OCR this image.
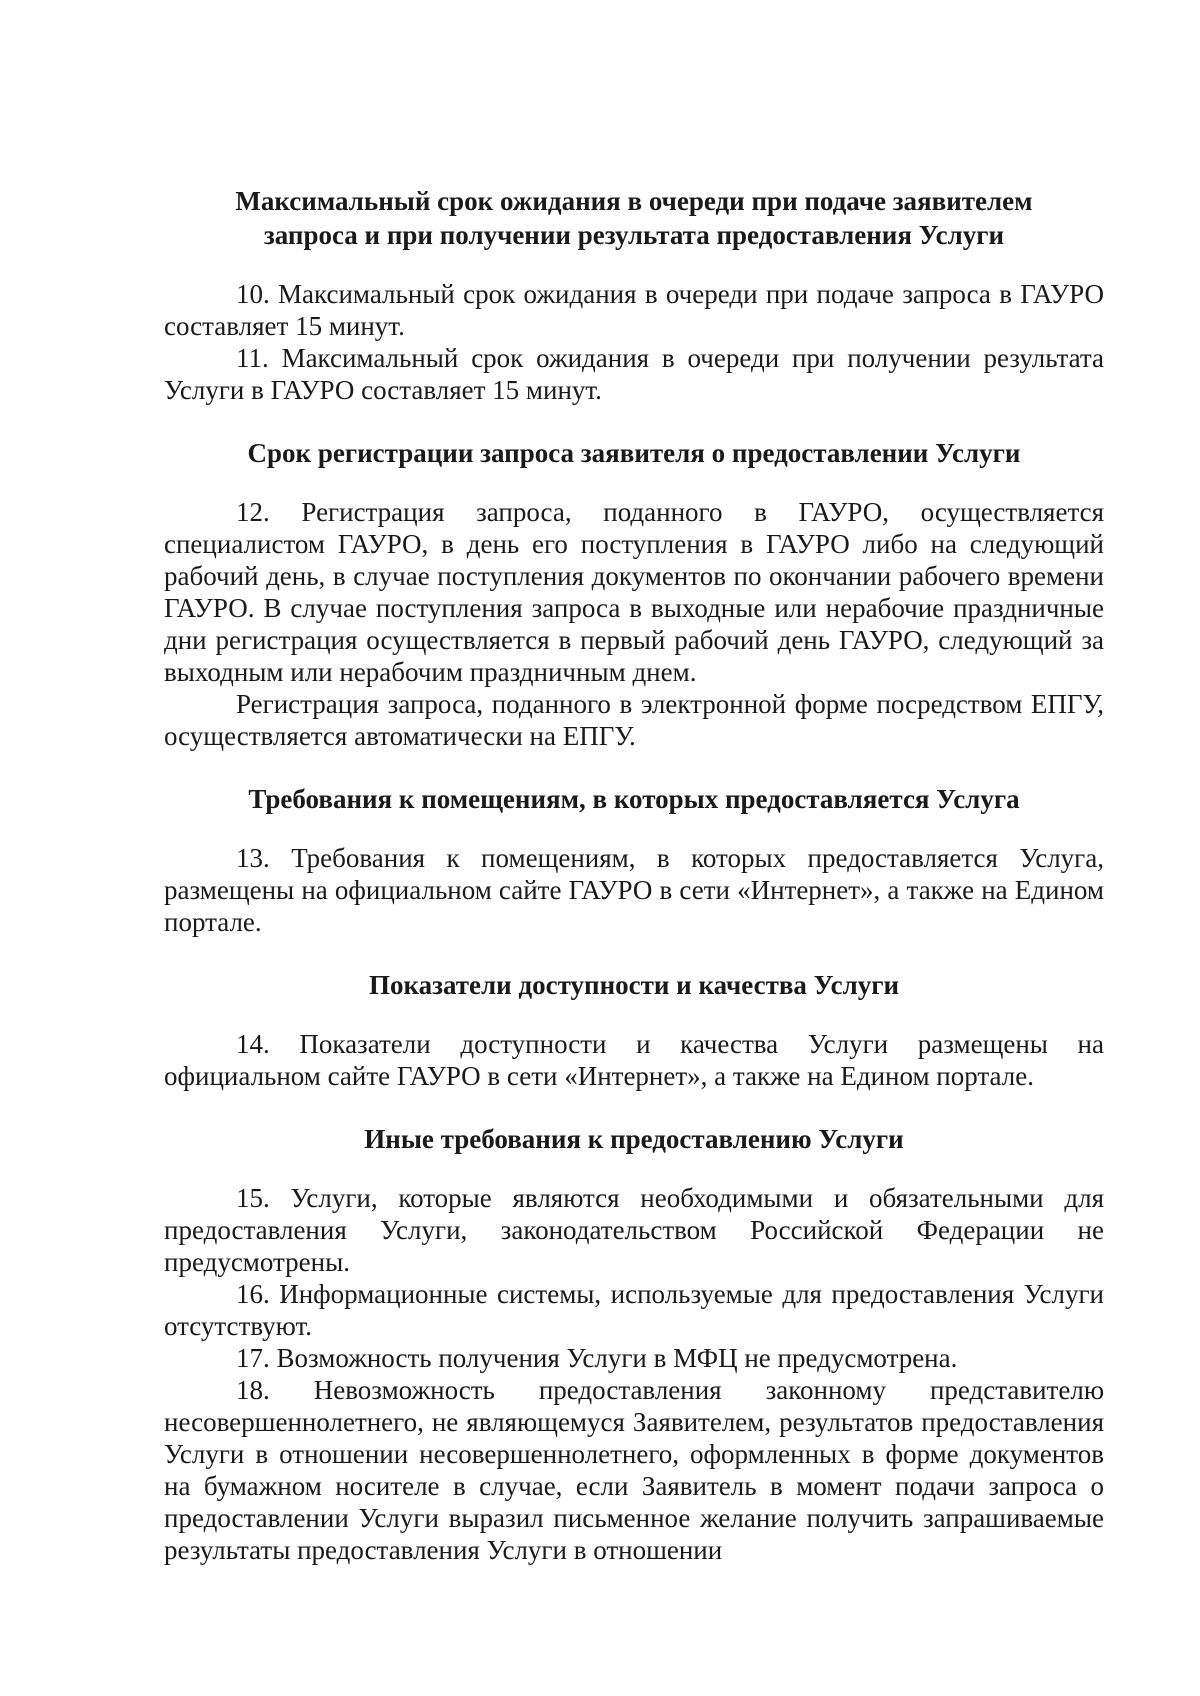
Максимальный срок ожидания в очереди при подаче заявителем
запроса и при получении результата предоставления Услуги

10. Максимальный срок ожидания в очереди при подаче запроса в ГАУРО составляет 15 минут.

11. Максимальный срок ожидания в очереди при получении результата Услуги в ГАУРО составляет 15 минут.

Срок регистрации запроса заявителя о предоставлении Услуги

12. Регистрация запроса, поданного в ГАУРО, осуществляется специалистом ГАУРО, в день его поступления в ГАУРО либо на следующий рабочий день, в случае поступления документов по окончании рабочего времени ГАУРО. В случае поступления запроса в выходные или нерабочие праздничные дни регистрация осуществляется в первый рабочий день ГАУРО, следующий за выходным или нерабочим праздничным днем.

Регистрация запроса, поданного в электронной форме посредством ЕПГУ, осуществляется автоматически на ЕПГУ.

Требования к помещениям, в которых предоставляется Услуга

13. Требования к помещениям, в которых предоставляется Услуга, размещены на официальном сайте ГАУРО в сети «Интернет», а также на Едином портале.

Показатели доступности и качества Услуги

14. Показатели доступности и качества Услуги размещены на официальном сайте ГАУРО в сети «Интернет», а также на Едином портале.

Иные требования к предоставлению Услуги

15. Услуги, которые являются необходимыми и обязательными для предоставления Услуги, законодательством Российской Федерации не предусмотрены.

16. Информационные системы, используемые для предоставления Услуги отсутствуют.

17. Возможность получения Услуги в МФЦ не предусмотрена.

18. Невозможность предоставления законному представителю несовершеннолетнего, не являющемуся Заявителем, результатов предоставления Услуги в отношении несовершеннолетнего, оформленных в форме документов на бумажном носителе в случае, если Заявитель в момент подачи запроса о предоставлении Услуги выразил письменное желание получить запрашиваемые результаты предоставления Услуги в отношении
